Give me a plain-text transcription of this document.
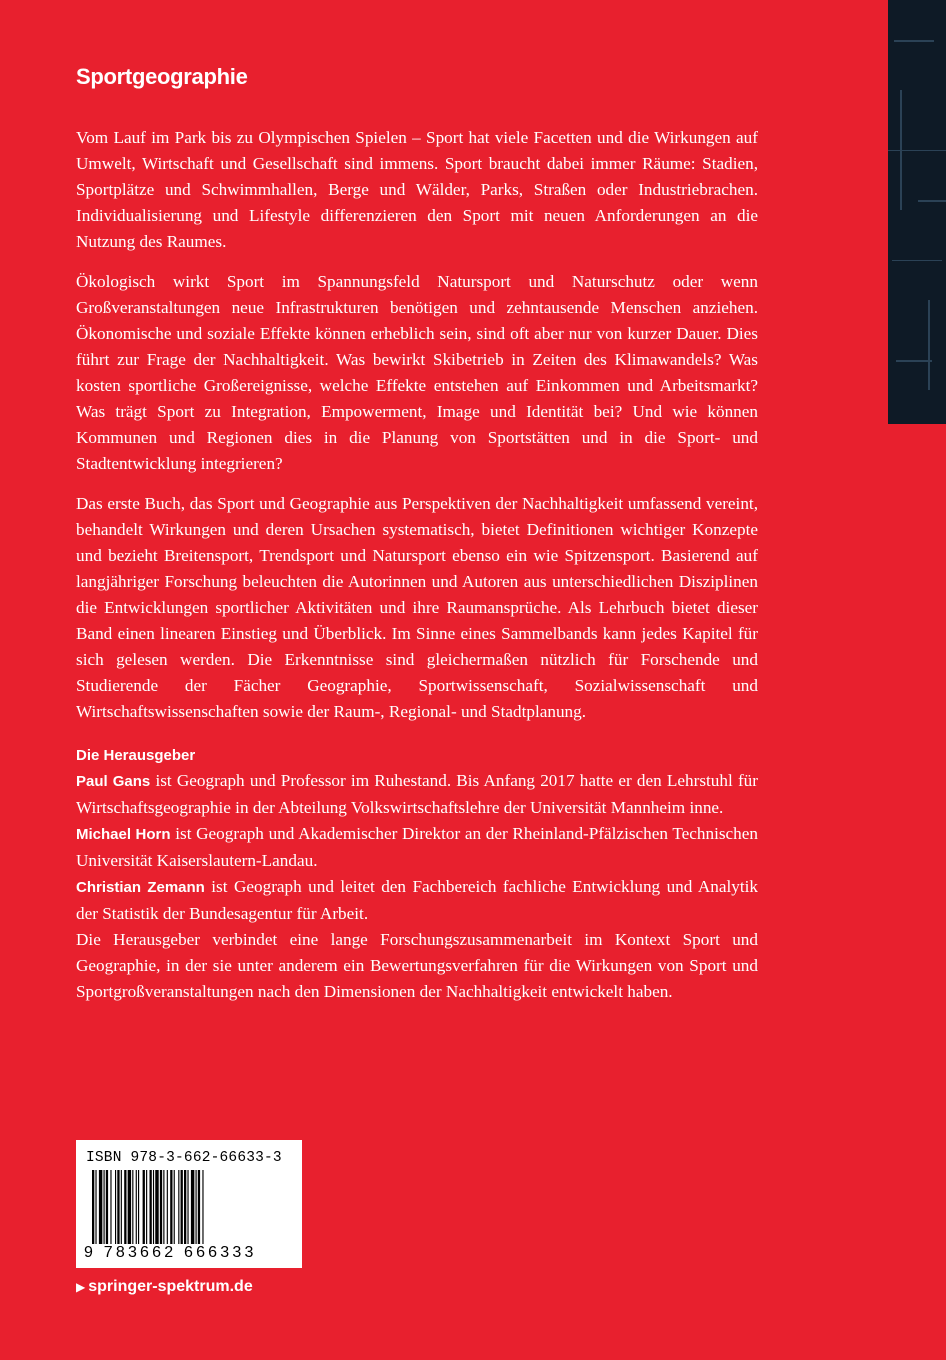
Sportgeographie

Vom Lauf im Park bis zu Olympischen Spielen – Sport hat viele Facetten und die Wirkungen auf Umwelt, Wirtschaft und Gesellschaft sind immens. Sport braucht dabei immer Räume: Stadien, Sportplätze und Schwimmhallen, Berge und Wälder, Parks, Straßen oder Industriebrachen. Individualisierung und Lifestyle differenzieren den Sport mit neuen Anforderungen an die Nutzung des Raumes.

Ökologisch wirkt Sport im Spannungsfeld Natursport und Naturschutz oder wenn Großveranstaltungen neue Infrastrukturen benötigen und zehntausende Menschen anziehen. Ökonomische und soziale Effekte können erheblich sein, sind oft aber nur von kurzer Dauer. Dies führt zur Frage der Nachhaltigkeit. Was bewirkt Skibetrieb in Zeiten des Klimawandels? Was kosten sportliche Großereignisse, welche Effekte entstehen auf Einkommen und Arbeitsmarkt? Was trägt Sport zu Integration, Empowerment, Image und Identität bei? Und wie können Kommunen und Regionen dies in die Planung von Sportstätten und in die Sport- und Stadtentwicklung integrieren?

Das erste Buch, das Sport und Geographie aus Perspektiven der Nachhaltigkeit umfassend vereint, behandelt Wirkungen und deren Ursachen systematisch, bietet Definitionen wichtiger Konzepte und bezieht Breitensport, Trendsport und Natursport ebenso ein wie Spitzensport. Basierend auf langjähriger Forschung beleuchten die Autorinnen und Autoren aus unterschiedlichen Disziplinen die Entwicklungen sportlicher Aktivitäten und ihre Raumansprüche. Als Lehrbuch bietet dieser Band einen linearen Einstieg und Überblick. Im Sinne eines Sammelbands kann jedes Kapitel für sich gelesen werden. Die Erkenntnisse sind gleichermaßen nützlich für Forschende und Studierende der Fächer Geographie, Sportwissenschaft, Sozialwissenschaft und Wirtschaftswissenschaften sowie der Raum-, Regional- und Stadtplanung.

Die Herausgeber

Paul Gans ist Geograph und Professor im Ruhestand. Bis Anfang 2017 hatte er den Lehrstuhl für Wirtschaftsgeographie in der Abteilung Volkswirtschaftslehre der Universität Mannheim inne.

Michael Horn ist Geograph und Akademischer Direktor an der Rheinland-Pfälzischen Technischen Universität Kaiserslautern-Landau.

Christian Zemann ist Geograph und leitet den Fachbereich fachliche Entwicklung und Analytik der Statistik der Bundesagentur für Arbeit.

Die Herausgeber verbindet eine lange Forschungszusammenarbeit im Kontext Sport und Geographie, in der sie unter anderem ein Bewertungsverfahren für die Wirkungen von Sport und Sportgroßveranstaltungen nach den Dimensionen der Nachhaltigkeit entwickelt haben.

ISBN 978-3-662-66633-3
9 783662 666333
▶ springer-spektrum.de
